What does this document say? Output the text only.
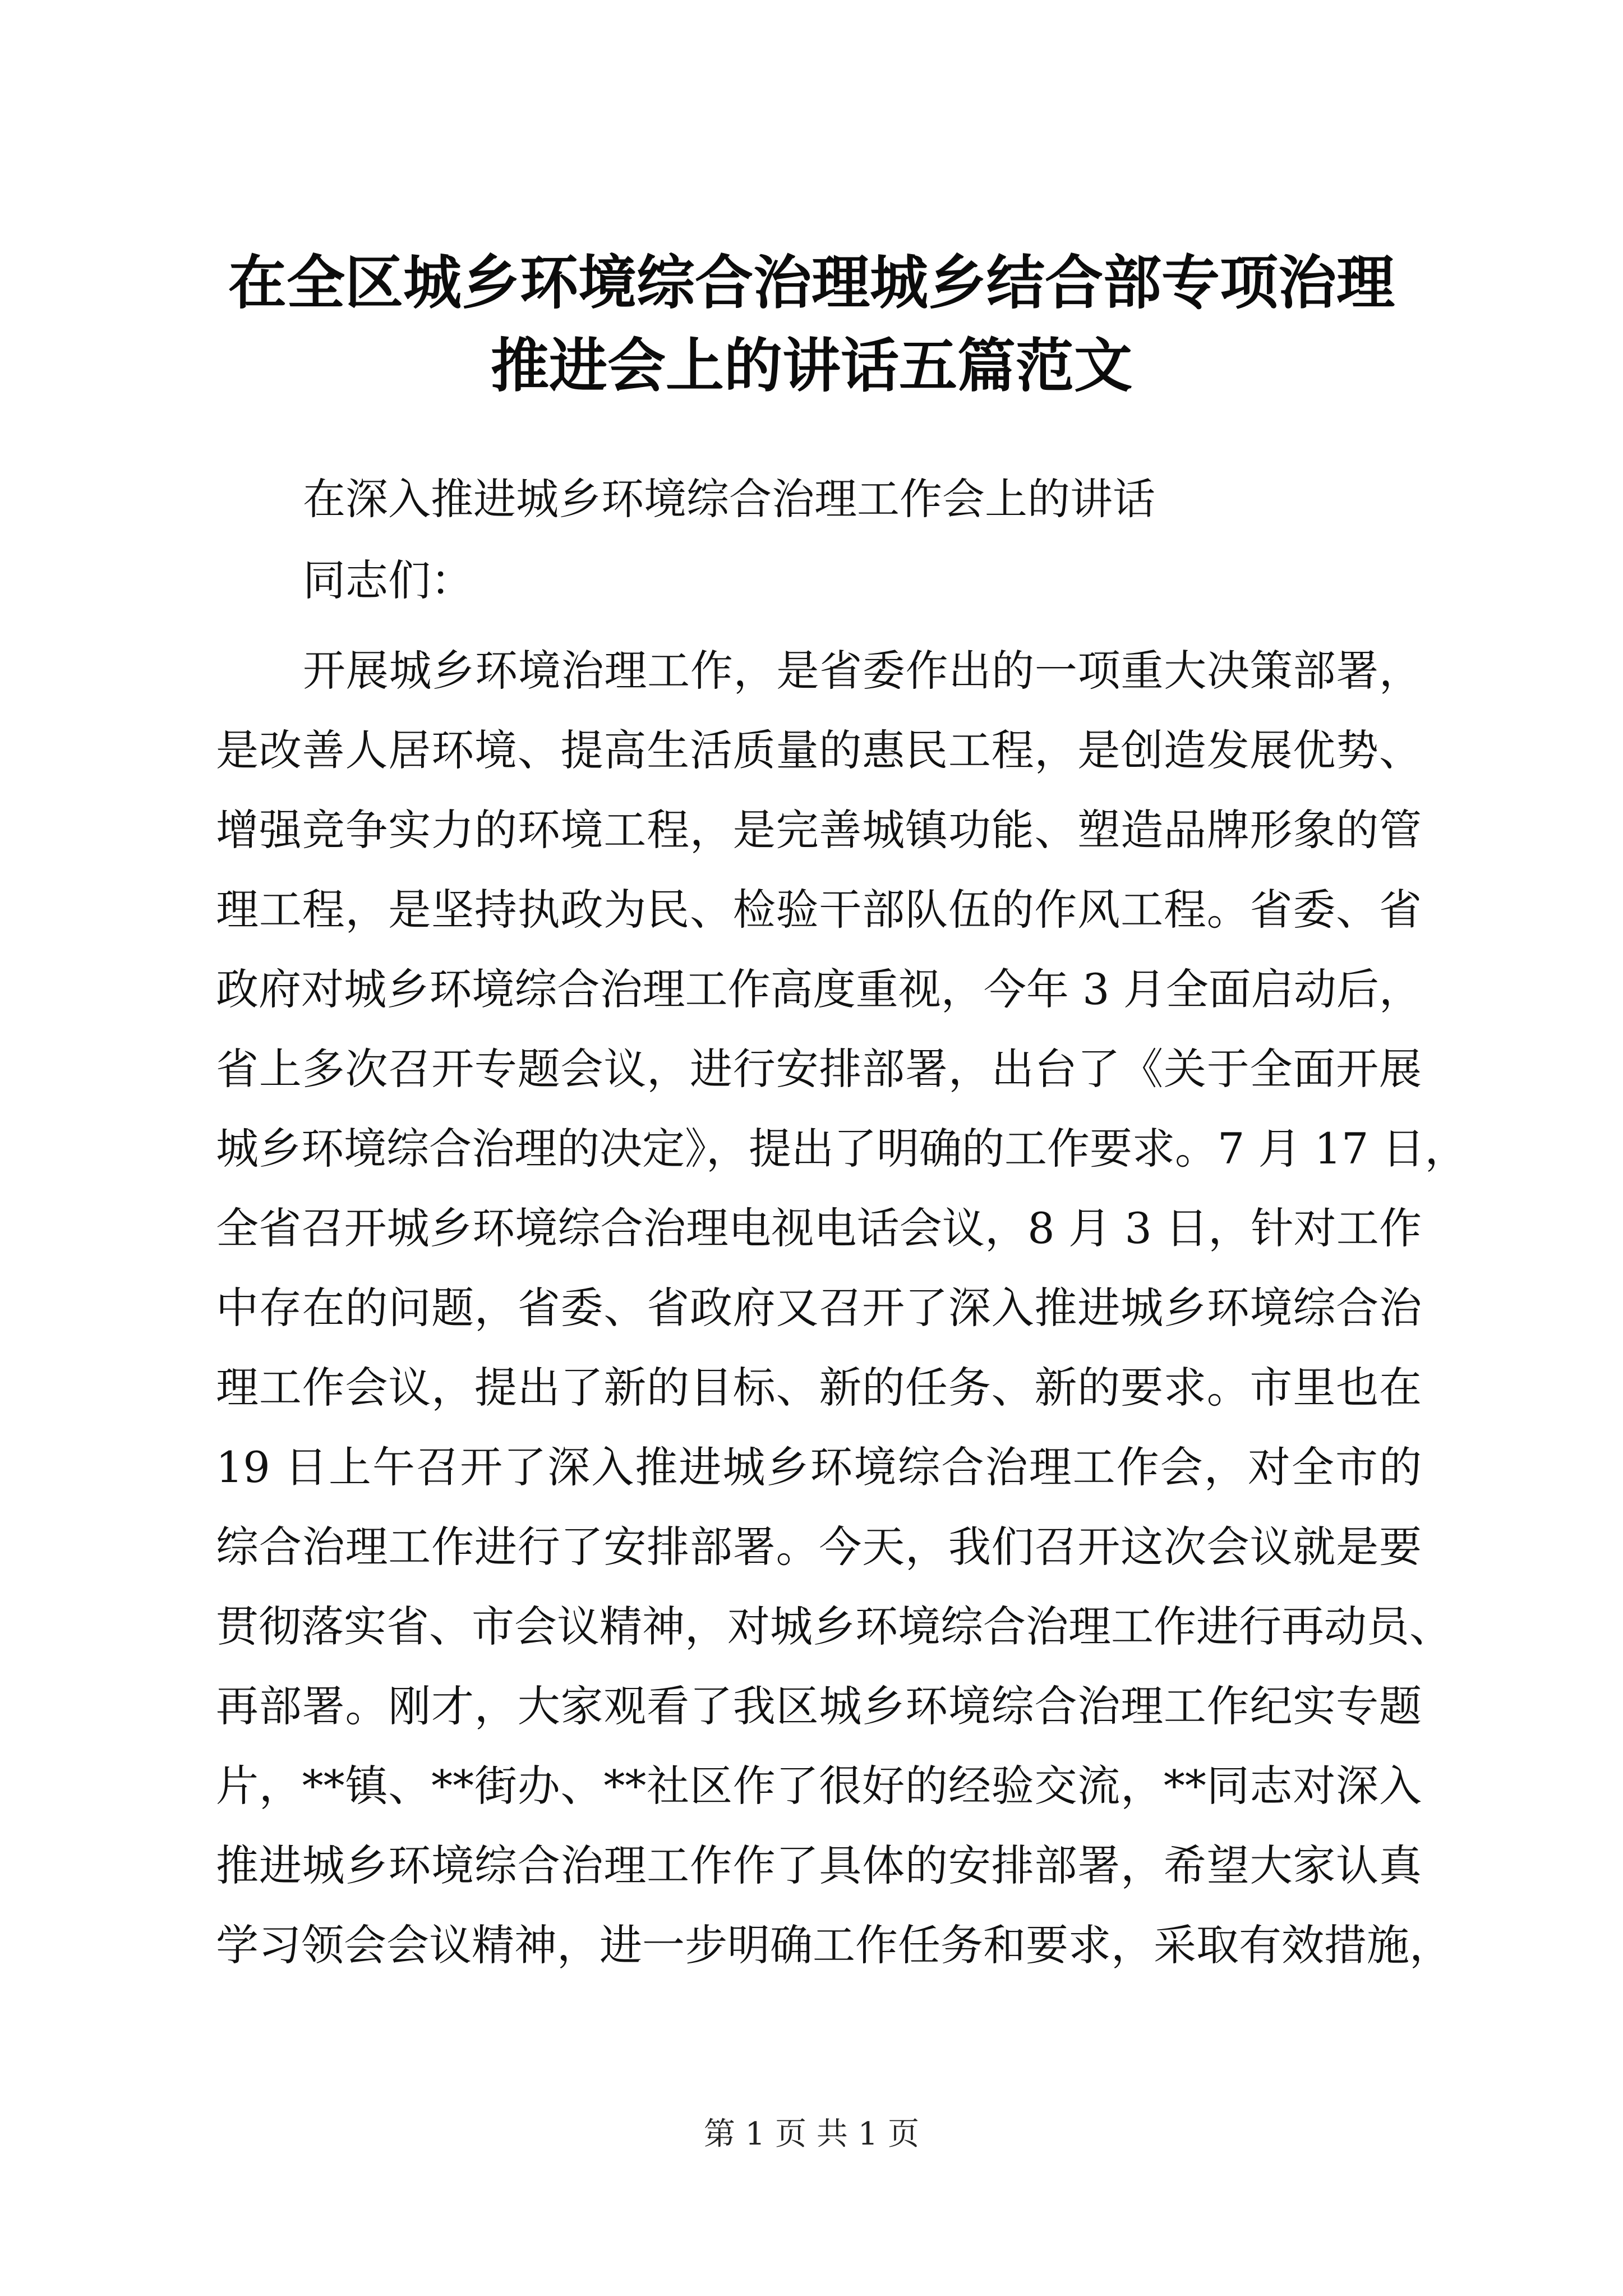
在全区城乡环境综合治理城乡结合部专项治理
推进会上的讲话五篇范文

在深入推进城乡环境综合治理工作会上的讲话

同志们：

开展城乡环境治理工作，是省委作出的一项重大决策部署，
是改善人居环境、提高生活质量的惠民工程，是创造发展优势、
增强竞争实力的环境工程，是完善城镇功能、塑造品牌形象的管
理工程，是坚持执政为民、检验干部队伍的作风工程。省委、省
政府对城乡环境综合治理工作高度重视，今年 3 月全面启动后，
省上多次召开专题会议，进行安排部署，出台了《关于全面开展
城乡环境综合治理的决定》，提出了明确的工作要求。7 月 17 日，
全省召开城乡环境综合治理电视电话会议，8 月 3 日，针对工作
中存在的问题，省委、省政府又召开了深入推进城乡环境综合治
理工作会议，提出了新的目标、新的任务、新的要求。市里也在
19 日上午召开了深入推进城乡环境综合治理工作会，对全市的
综合治理工作进行了安排部署。今天，我们召开这次会议就是要
贯彻落实省、市会议精神，对城乡环境综合治理工作进行再动员、
再部署。刚才，大家观看了我区城乡环境综合治理工作纪实专题
片，**镇、**街办、**社区作了很好的经验交流，**同志对深入
推进城乡环境综合治理工作作了具体的安排部署，希望大家认真
学习领会会议精神，进一步明确工作任务和要求，采取有效措施，

第 1 页 共 1 页
